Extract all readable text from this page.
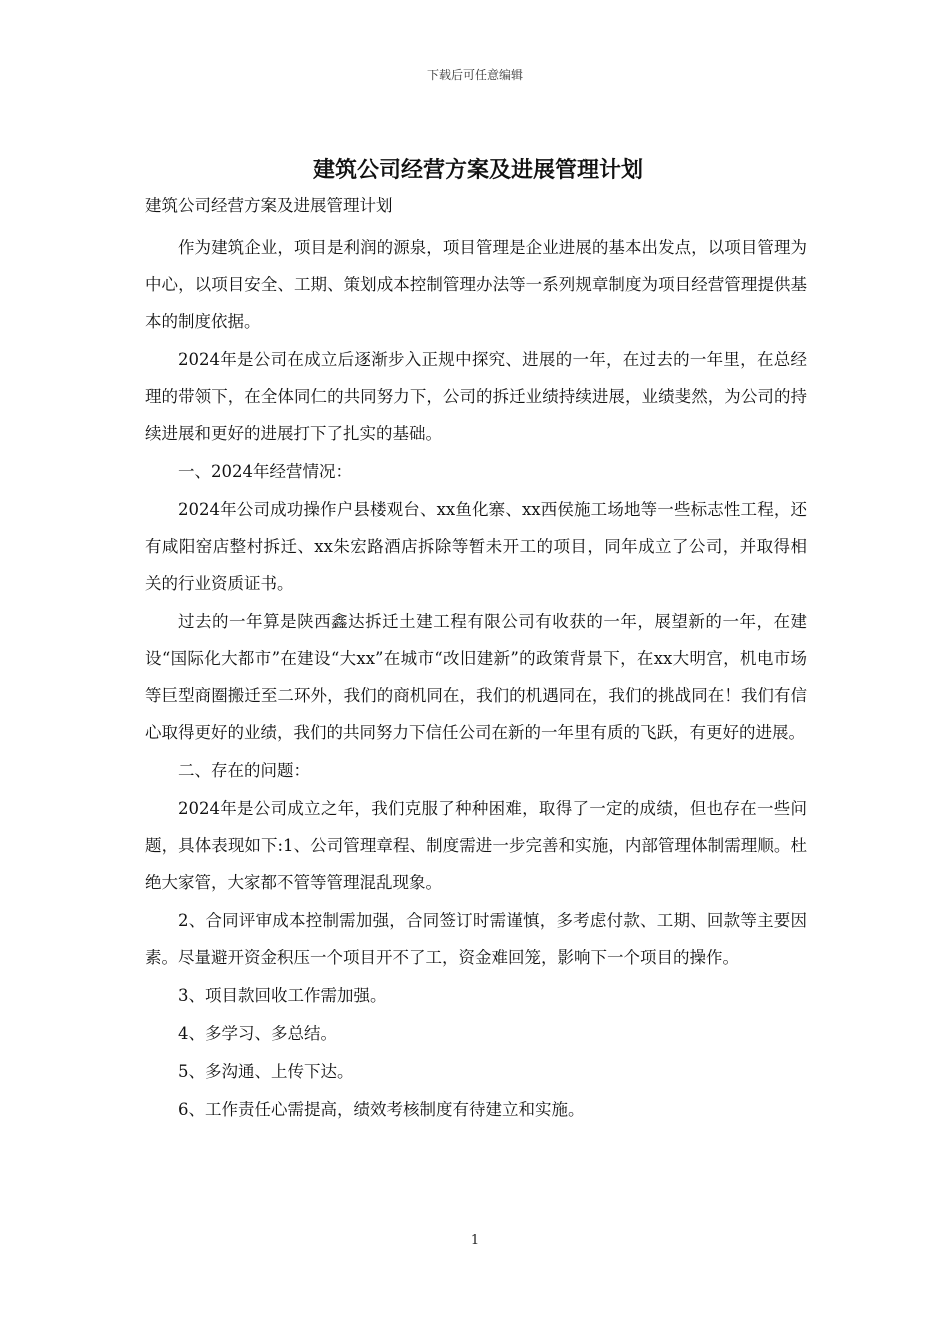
下载后可任意编辑
建筑公司经营方案及进展管理计划

建筑公司经营方案及进展管理计划

作为建筑企业，项目是利润的源泉，项目管理是企业进展的基本出发点，以项目管理为中心，以项目安全、工期、策划成本控制管理办法等一系列规章制度为项目经营管理提供基本的制度依据。

2024年是公司在成立后逐渐步入正规中探究、进展的一年，在过去的一年里，在总经理的带领下，在全体同仁的共同努力下，公司的拆迁业绩持续进展，业绩斐然，为公司的持续进展和更好的进展打下了扎实的基础。

一、2024年经营情况：

2024年公司成功操作户县楼观台、xx鱼化寨、xx西侯施工场地等一些标志性工程，还有咸阳窑店整村拆迁、xx朱宏路酒店拆除等暂未开工的项目，同年成立了公司，并取得相关的行业资质证书。

过去的一年算是陕西鑫达拆迁土建工程有限公司有收获的一年，展望新的一年，在建设“国际化大都市”在建设“大xx”在城市“改旧建新”的政策背景下，在xx大明宫，机电市场等巨型商圈搬迁至二环外，我们的商机同在，我们的机遇同在，我们的挑战同在！我们有信心取得更好的业绩，我们的共同努力下信任公司在新的一年里有质的飞跃，有更好的进展。

二、存在的问题：

2024年是公司成立之年，我们克服了种种困难，取得了一定的成绩，但也存在一些问题，具体表现如下:1、公司管理章程、制度需进一步完善和实施，内部管理体制需理顺。杜绝大家管，大家都不管等管理混乱现象。

2、合同评审成本控制需加强，合同签订时需谨慎，多考虑付款、工期、回款等主要因素。尽量避开资金积压一个项目开不了工，资金难回笼，影响下一个项目的操作。

3、项目款回收工作需加强。

4、多学习、多总结。

5、多沟通、上传下达。

6、工作责任心需提高，绩效考核制度有待建立和实施。

1
